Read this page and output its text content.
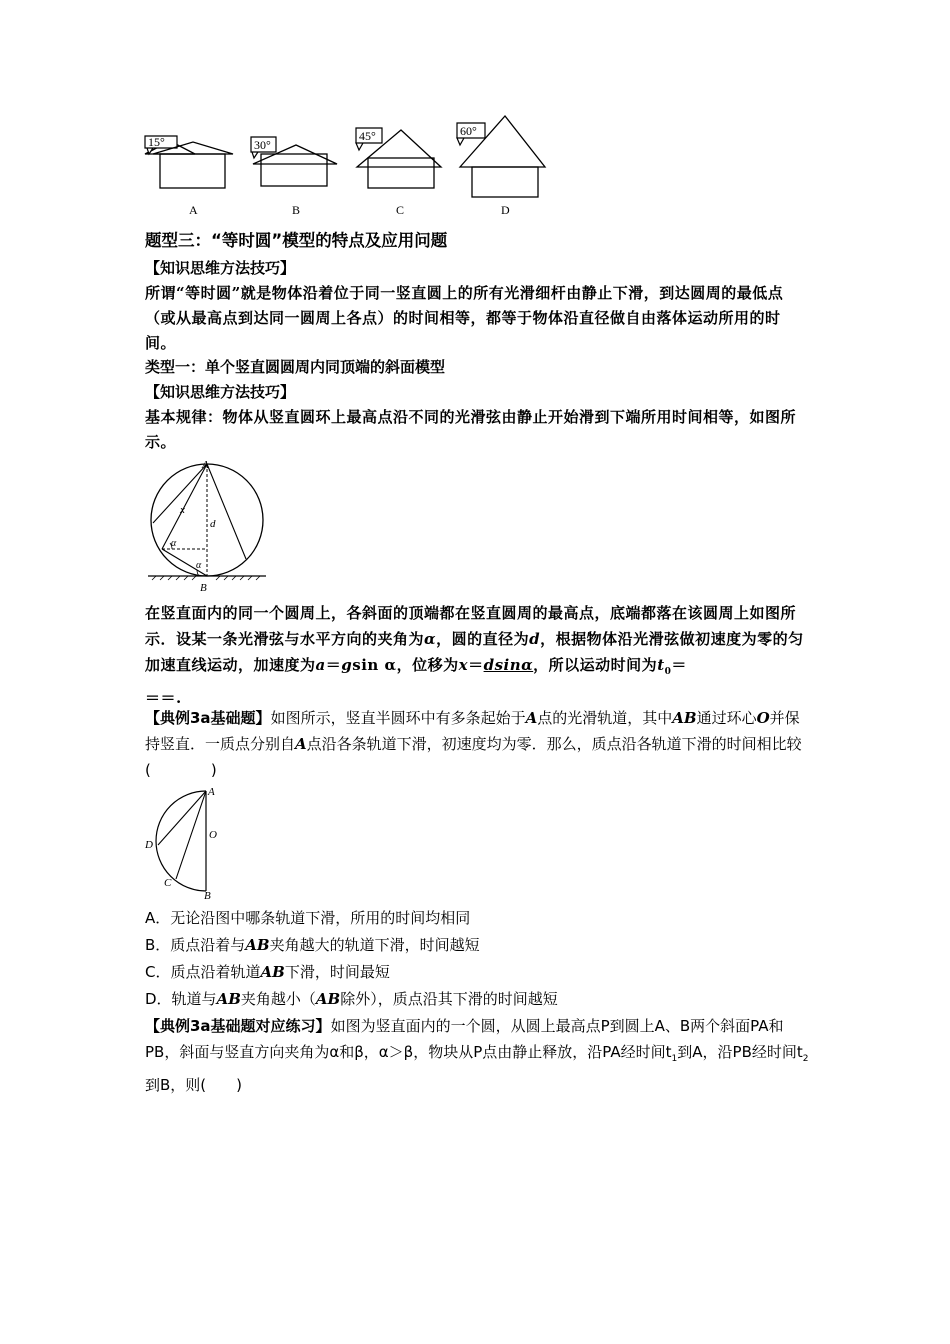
15°
A
30°
B
45°
C
60°
D
题型三：“等时圆”模型的特点及应用问题
【知识思维方法技巧】
所谓“等时圆”就是物体沿着位于同一竖直圆上的所有光滑细杆由静止下滑，到达圆周的最低点（或从最高点到达同一圆周上各点）的时间相等，都等于物体沿直径做自由落体运动所用的时间。
类型一：单个竖直圆圆周内同顶端的斜面模型
【知识思维方法技巧】
基本规律：物体从竖直圆环上最高点沿不同的光滑弦由静止开始滑到下端所用时间相等，如图所示。
A
B
x
d
α
α
在竖直面内的同一个圆周上，各斜面的顶端都在竖直圆周的最高点，底端都落在该圆周上如图所示．设某一条光滑弦与水平方向的夹角为α，圆的直径为d，根据物体沿光滑弦做初速度为零的匀加速直线运动，加速度为a＝gsin α，位移为x＝dsinα，所以运动时间为$t_0=$
＝＝.
【典例3a基础题】如图所示，竖直半圆环中有多条起始于A点的光滑轨道，其中AB通过环心O并保持竖直．一质点分别自A点沿各条轨道下滑，初速度均为零．那么，质点沿各轨道下滑的时间相比较(　　　　)
A
O
D
C
B
A．无论沿图中哪条轨道下滑，所用的时间均相同
B．质点沿着与AB夹角越大的轨道下滑，时间越短
C．质点沿着轨道AB下滑，时间最短
D．轨道与AB夹角越小（AB除外），质点沿其下滑的时间越短
【典例3a基础题对应练习】如图为竖直面内的一个圆，从圆上最高点P到圆上A、B两个斜面PA和PB，斜面与竖直方向夹角为α和β，α＞β，物块从P点由静止释放，沿PA经时间$t_1$到A，沿PB经时间$t_2$到B，则(　　)
